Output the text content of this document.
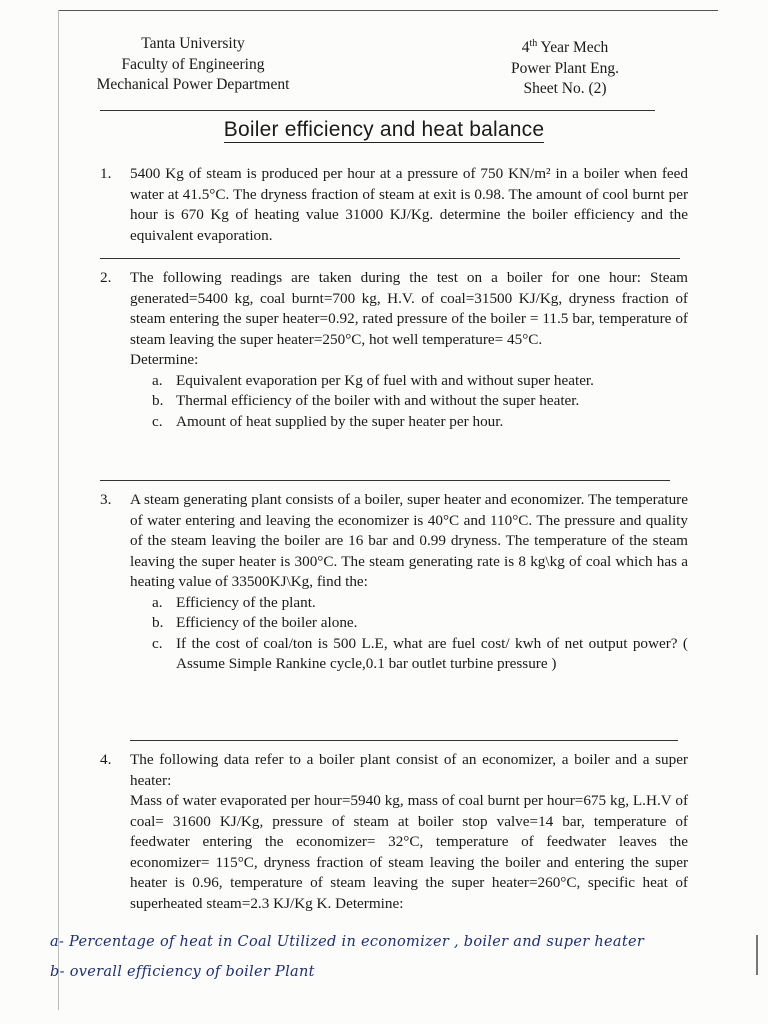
Tanta University
Faculty of Engineering
Mechanical Power Department
4th Year Mech
Power Plant Eng.
Sheet No. (2)
Boiler efficiency and heat balance
1.	5400 Kg of steam is produced per hour at a pressure of 750 KN/m² in a boiler when feed water at 41.5°C. The dryness fraction of steam at exit is 0.98. The amount of cool burnt per hour is 670 Kg of heating value 31000 KJ/Kg. determine the boiler efficiency and the equivalent evaporation.

2.	The following readings are taken during the test on a boiler for one hour: Steam generated=5400 kg, coal burnt=700 kg, H.V. of coal=31500 KJ/Kg, dryness fraction of steam entering the super heater=0.92, rated pressure of the boiler = 11.5 bar, temperature of steam leaving the super heater=250°C, hot well temperature= 45°C.

Determine:

a. Equivalent evaporation per Kg of fuel with and without super heater.
b. Thermal efficiency of the boiler with and without the super heater.
c. Amount of heat supplied by the super heater per hour.
3.	A steam generating plant consists of a boiler, super heater and economizer. The temperature of water entering and leaving the economizer is 40°C and 110°C. The pressure and quality of the steam leaving the boiler are 16 bar and 0.99 dryness. The temperature of the steam leaving the super heater is 300°C. The steam generating rate is 8 kg\kg of coal which has a heating value of 33500KJ\Kg, find the:

a. Efficiency of the plant.
b. Efficiency of the boiler alone.
c. If the cost of coal/ton is 500 L.E, what are fuel cost/ kwh of net output power? ( Assume Simple Rankine cycle,0.1 bar outlet turbine pressure )
4.	The following data refer to a boiler plant consist of an economizer, a boiler and a super heater:

Mass of water evaporated per hour=5940 kg, mass of coal burnt per hour=675 kg, L.H.V of coal= 31600 KJ/Kg, pressure of steam at boiler stop valve=14 bar, temperature of feedwater entering the economizer= 32°C, temperature of feedwater leaves the economizer= 115°C, dryness fraction of steam leaving the boiler and entering the super heater is 0.96, temperature of steam leaving the super heater=260°C, specific heat of superheated steam=2.3 KJ/Kg K. Determine:

a- Percentage of heat in Coal Utilized in economizer , boiler and super heater
b- overall efficiency of boiler Plant
